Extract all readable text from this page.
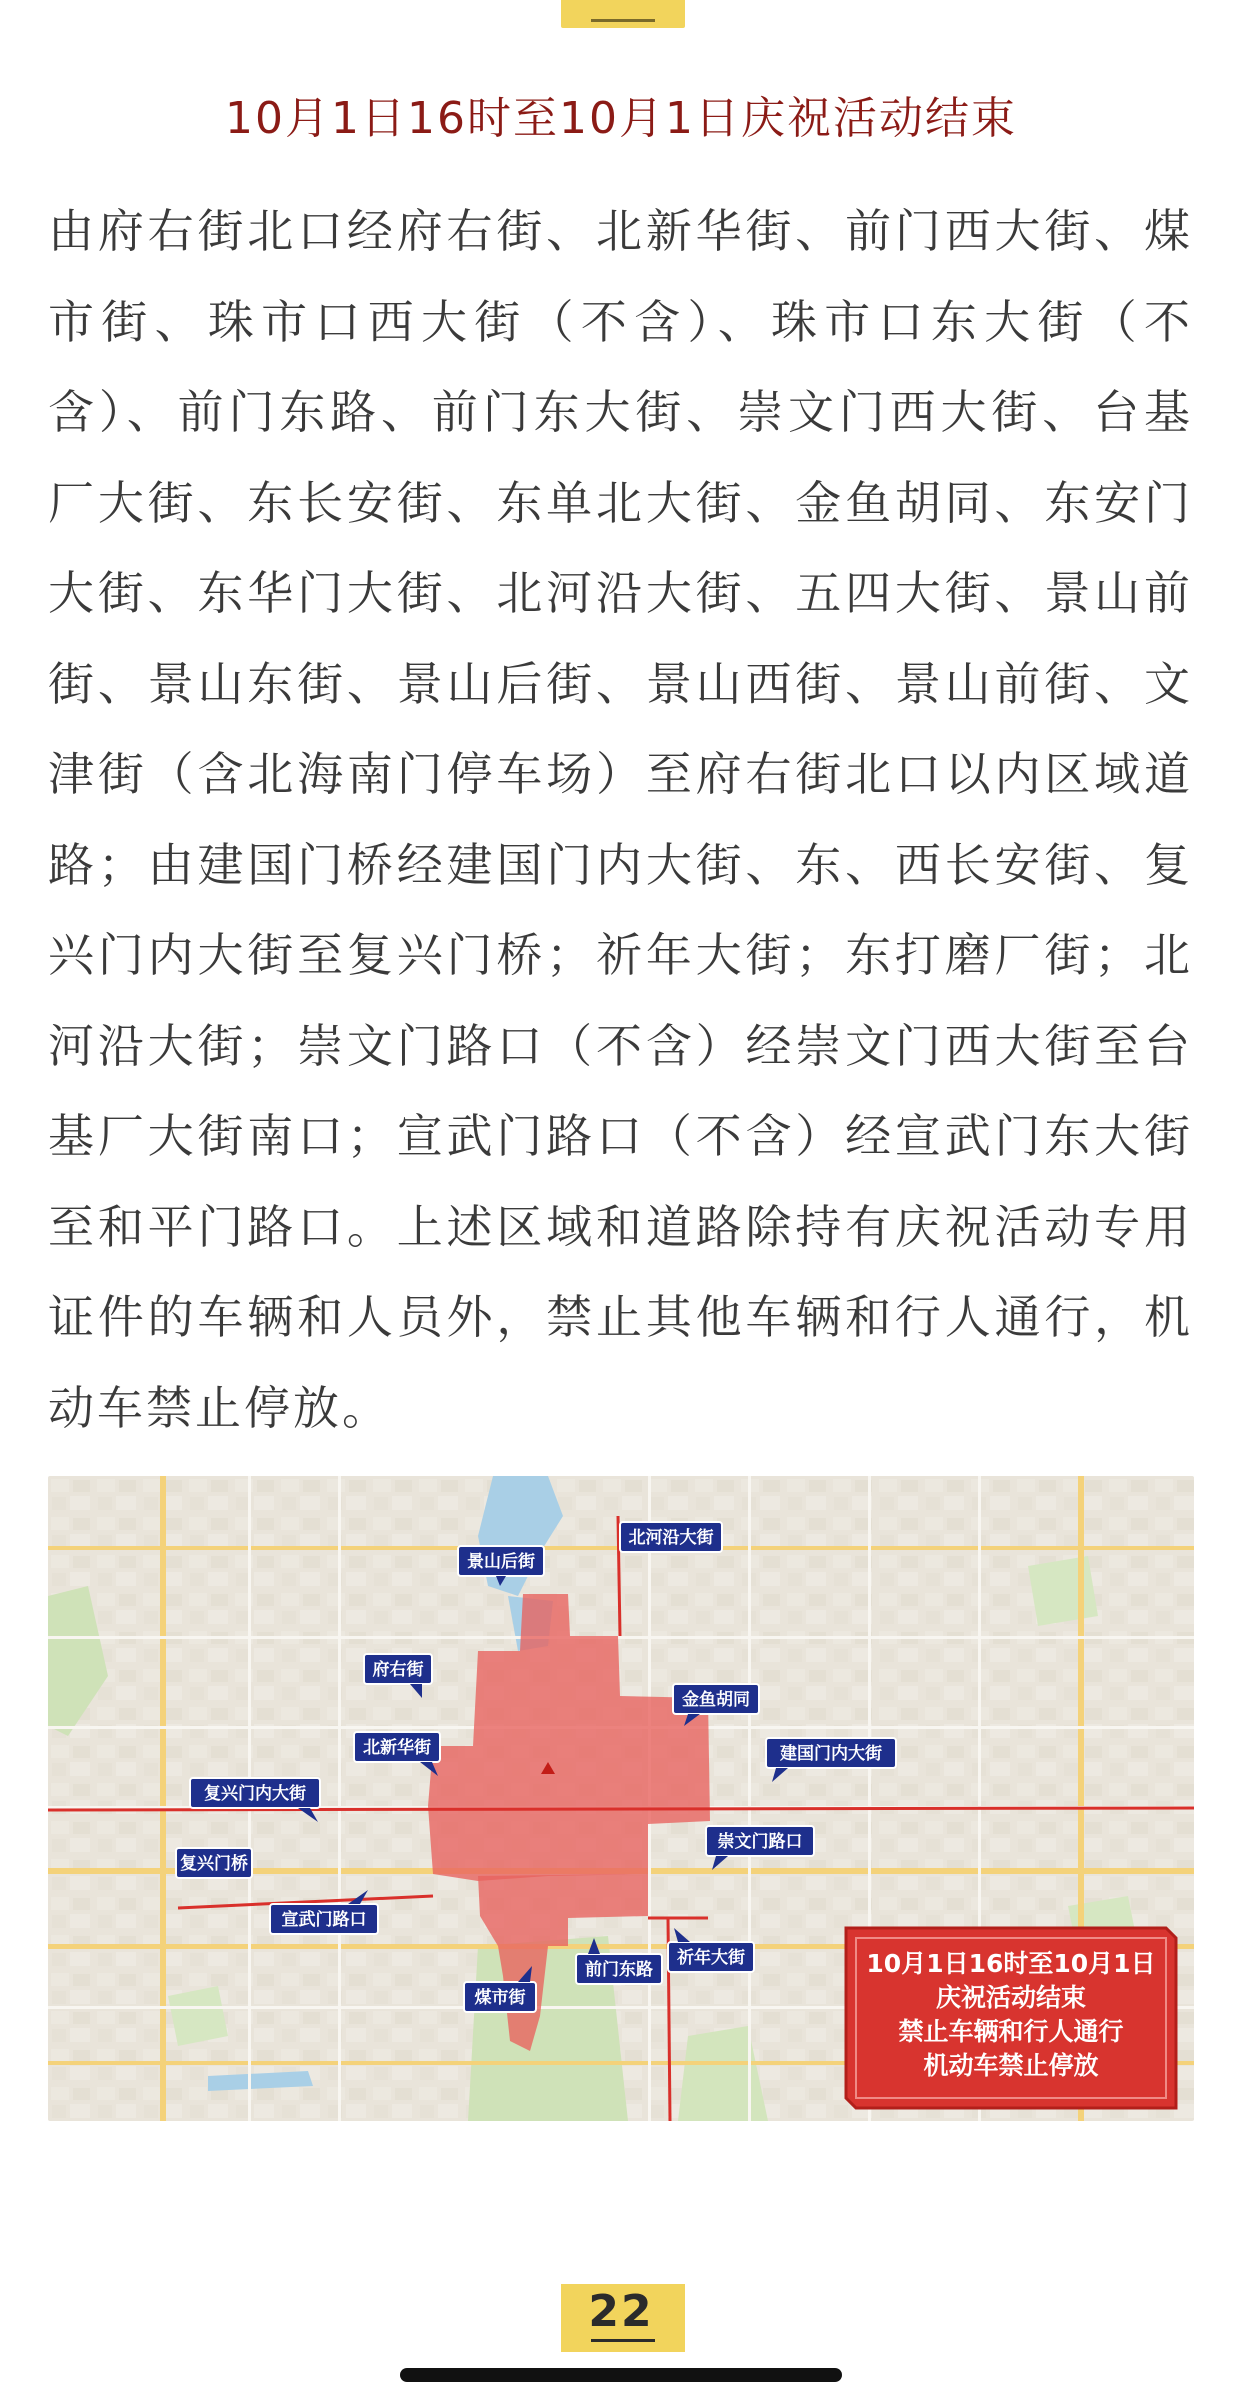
10月1日16时至10月1日庆祝活动结束
由府右街北口经府右街、北新华街、前门西大街、煤市街、珠市口西大街（不含）、珠市口东大街（不含）、前门东路、前门东大街、崇文门西大街、台基厂大街、东长安街、东单北大街、金鱼胡同、东安门大街、东华门大街、北河沿大街、五四大街、景山前街、景山东街、景山后街、景山西街、景山前街、文津街（含北海南门停车场）至府右街北口以内区域道路；由建国门桥经建国门内大街、东、西长安街、复兴门内大街至复兴门桥；祈年大街；东打磨厂街；北河沿大街；崇文门路口（不含）经崇文门西大街至台基厂大街南口；宣武门路口（不含）经宣武门东大街至和平门路口。上述区域和道路除持有庆祝活动专用证件的车辆和人员外，禁止其他车辆和行人通行，机动车禁止停放。
景山后街
北河沿大街
府右街
金鱼胡同
北新华街	建国门内大街
复兴门内大街
崇文门路口
复兴门桥
宣武门路口
祈年大街
前门东路
煤市街
10月1日16时至10月1日
庆祝活动结束
禁止车辆和行人通行
机动车禁止停放
22
